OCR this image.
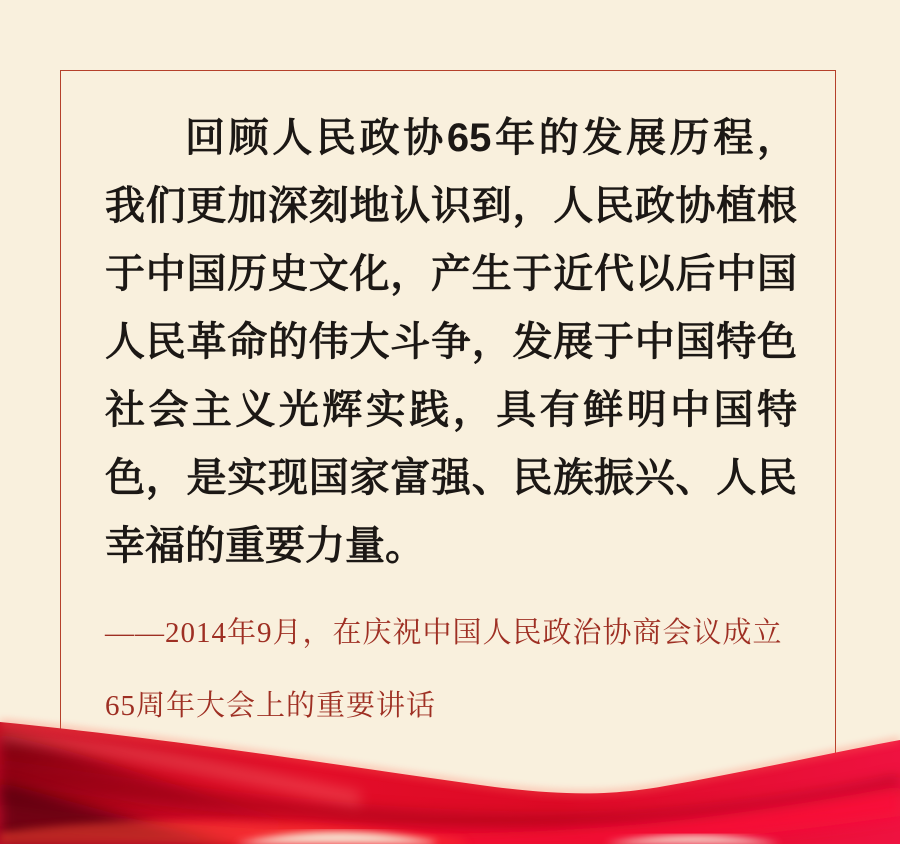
回顾人民政协65年的发展历程，

我们更加深刻地认识到，人民政协植根

于中国历史文化，产生于近代以后中国

人民革命的伟大斗争，发展于中国特色

社会主义光辉实践，具有鲜明中国特

色，是实现国家富强、民族振兴、人民

幸福的重要力量。

——2014年9月，在庆祝中国人民政治协商会议成立

65周年大会上的重要讲话
